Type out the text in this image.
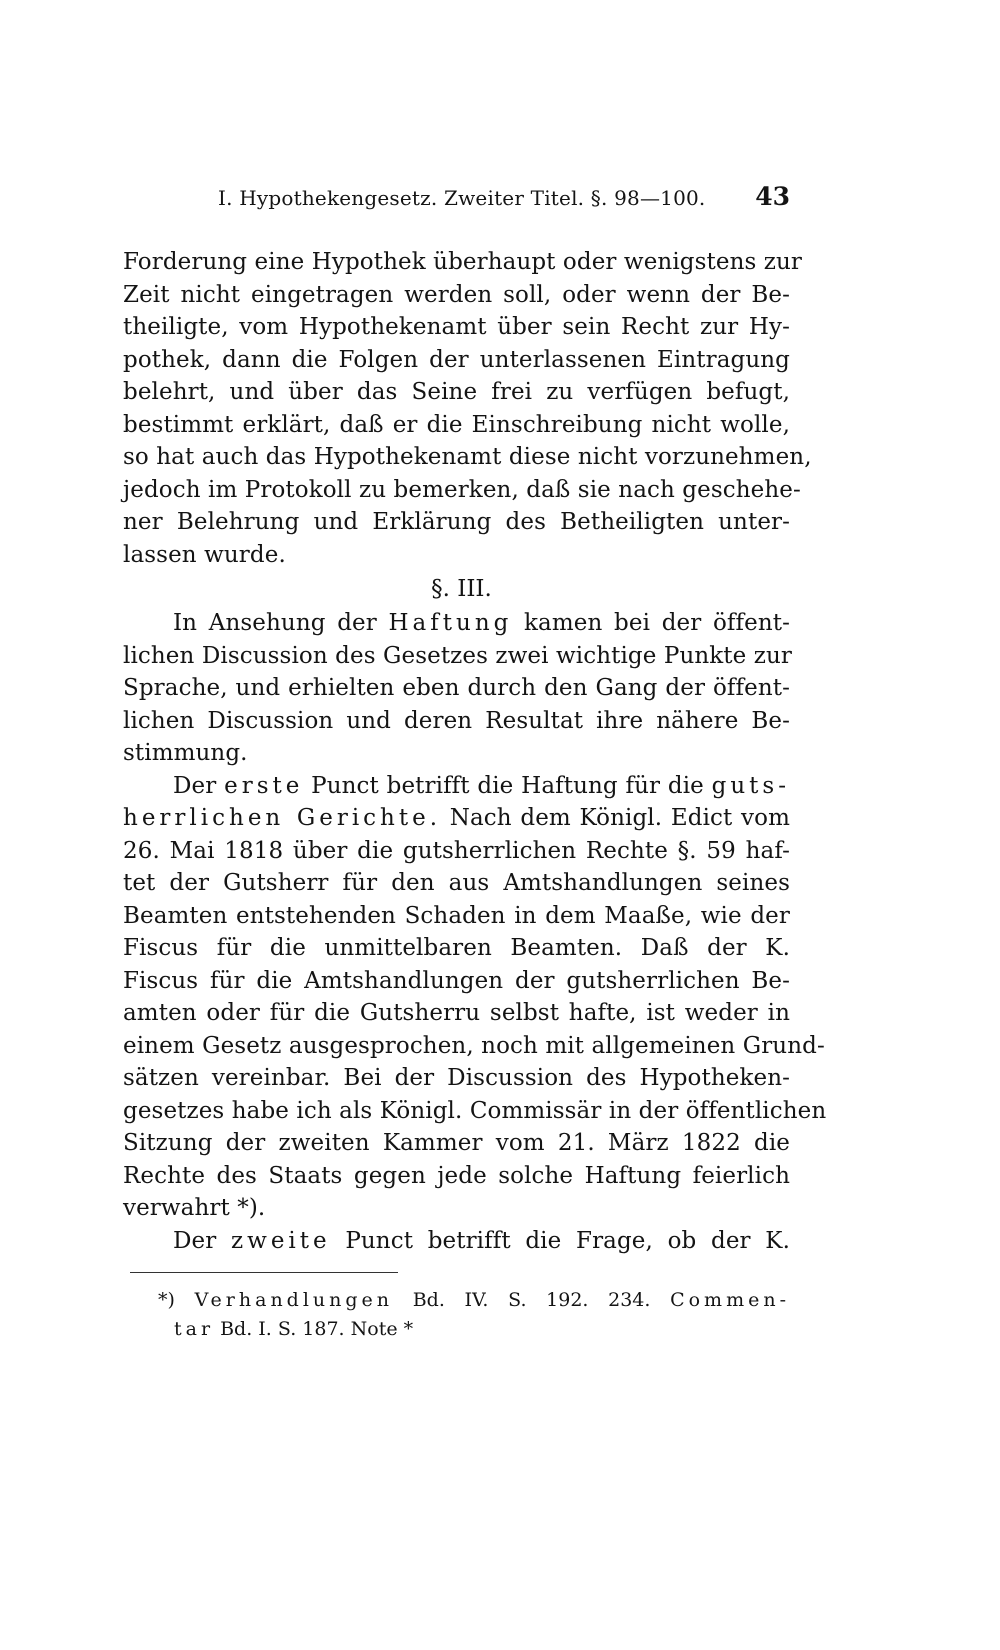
I. Hypothekengesetz. Zweiter Titel. §. 98—100. 43
Forderung eine Hypothek überhaupt oder wenigstens zur
Zeit nicht eingetragen werden soll, oder wenn der Be-
theiligte, vom Hypothekenamt über sein Recht zur Hy-
pothek, dann die Folgen der unterlassenen Eintragung
belehrt, und über das Seine frei zu verfügen befugt,
bestimmt erklärt, daß er die Einschreibung nicht wolle,
so hat auch das Hypothekenamt diese nicht vorzunehmen,
jedoch im Protokoll zu bemerken, daß sie nach geschehe-
ner Belehrung und Erklärung des Betheiligten unter-
lassen wurde.
§. III.
In Ansehung der Haftung kamen bei der öffent-
lichen Discussion des Gesetzes zwei wichtige Punkte zur
Sprache, und erhielten eben durch den Gang der öffent-
lichen Discussion und deren Resultat ihre nähere Be-
stimmung.
Der erste Punct betrifft die Haftung für die guts-
herrlichen Gerichte. Nach dem Königl. Edict vom
26. Mai 1818 über die gutsherrlichen Rechte §. 59 haf-
tet der Gutsherr für den aus Amtshandlungen seines
Beamten entstehenden Schaden in dem Maaße, wie der
Fiscus für die unmittelbaren Beamten. Daß der K.
Fiscus für die Amtshandlungen der gutsherrlichen Be-
amten oder für die Gutsherru selbst hafte, ist weder in
einem Gesetz ausgesprochen, noch mit allgemeinen Grund-
sätzen vereinbar. Bei der Discussion des Hypotheken-
gesetzes habe ich als Königl. Commissär in der öffentlichen
Sitzung der zweiten Kammer vom 21. März 1822 die
Rechte des Staats gegen jede solche Haftung feierlich
verwahrt *).
Der zweite Punct betrifft die Frage, ob der K.
*) Verhandlungen Bd. IV. S. 192. 234. Commen-
tar Bd. I. S. 187. Note *
